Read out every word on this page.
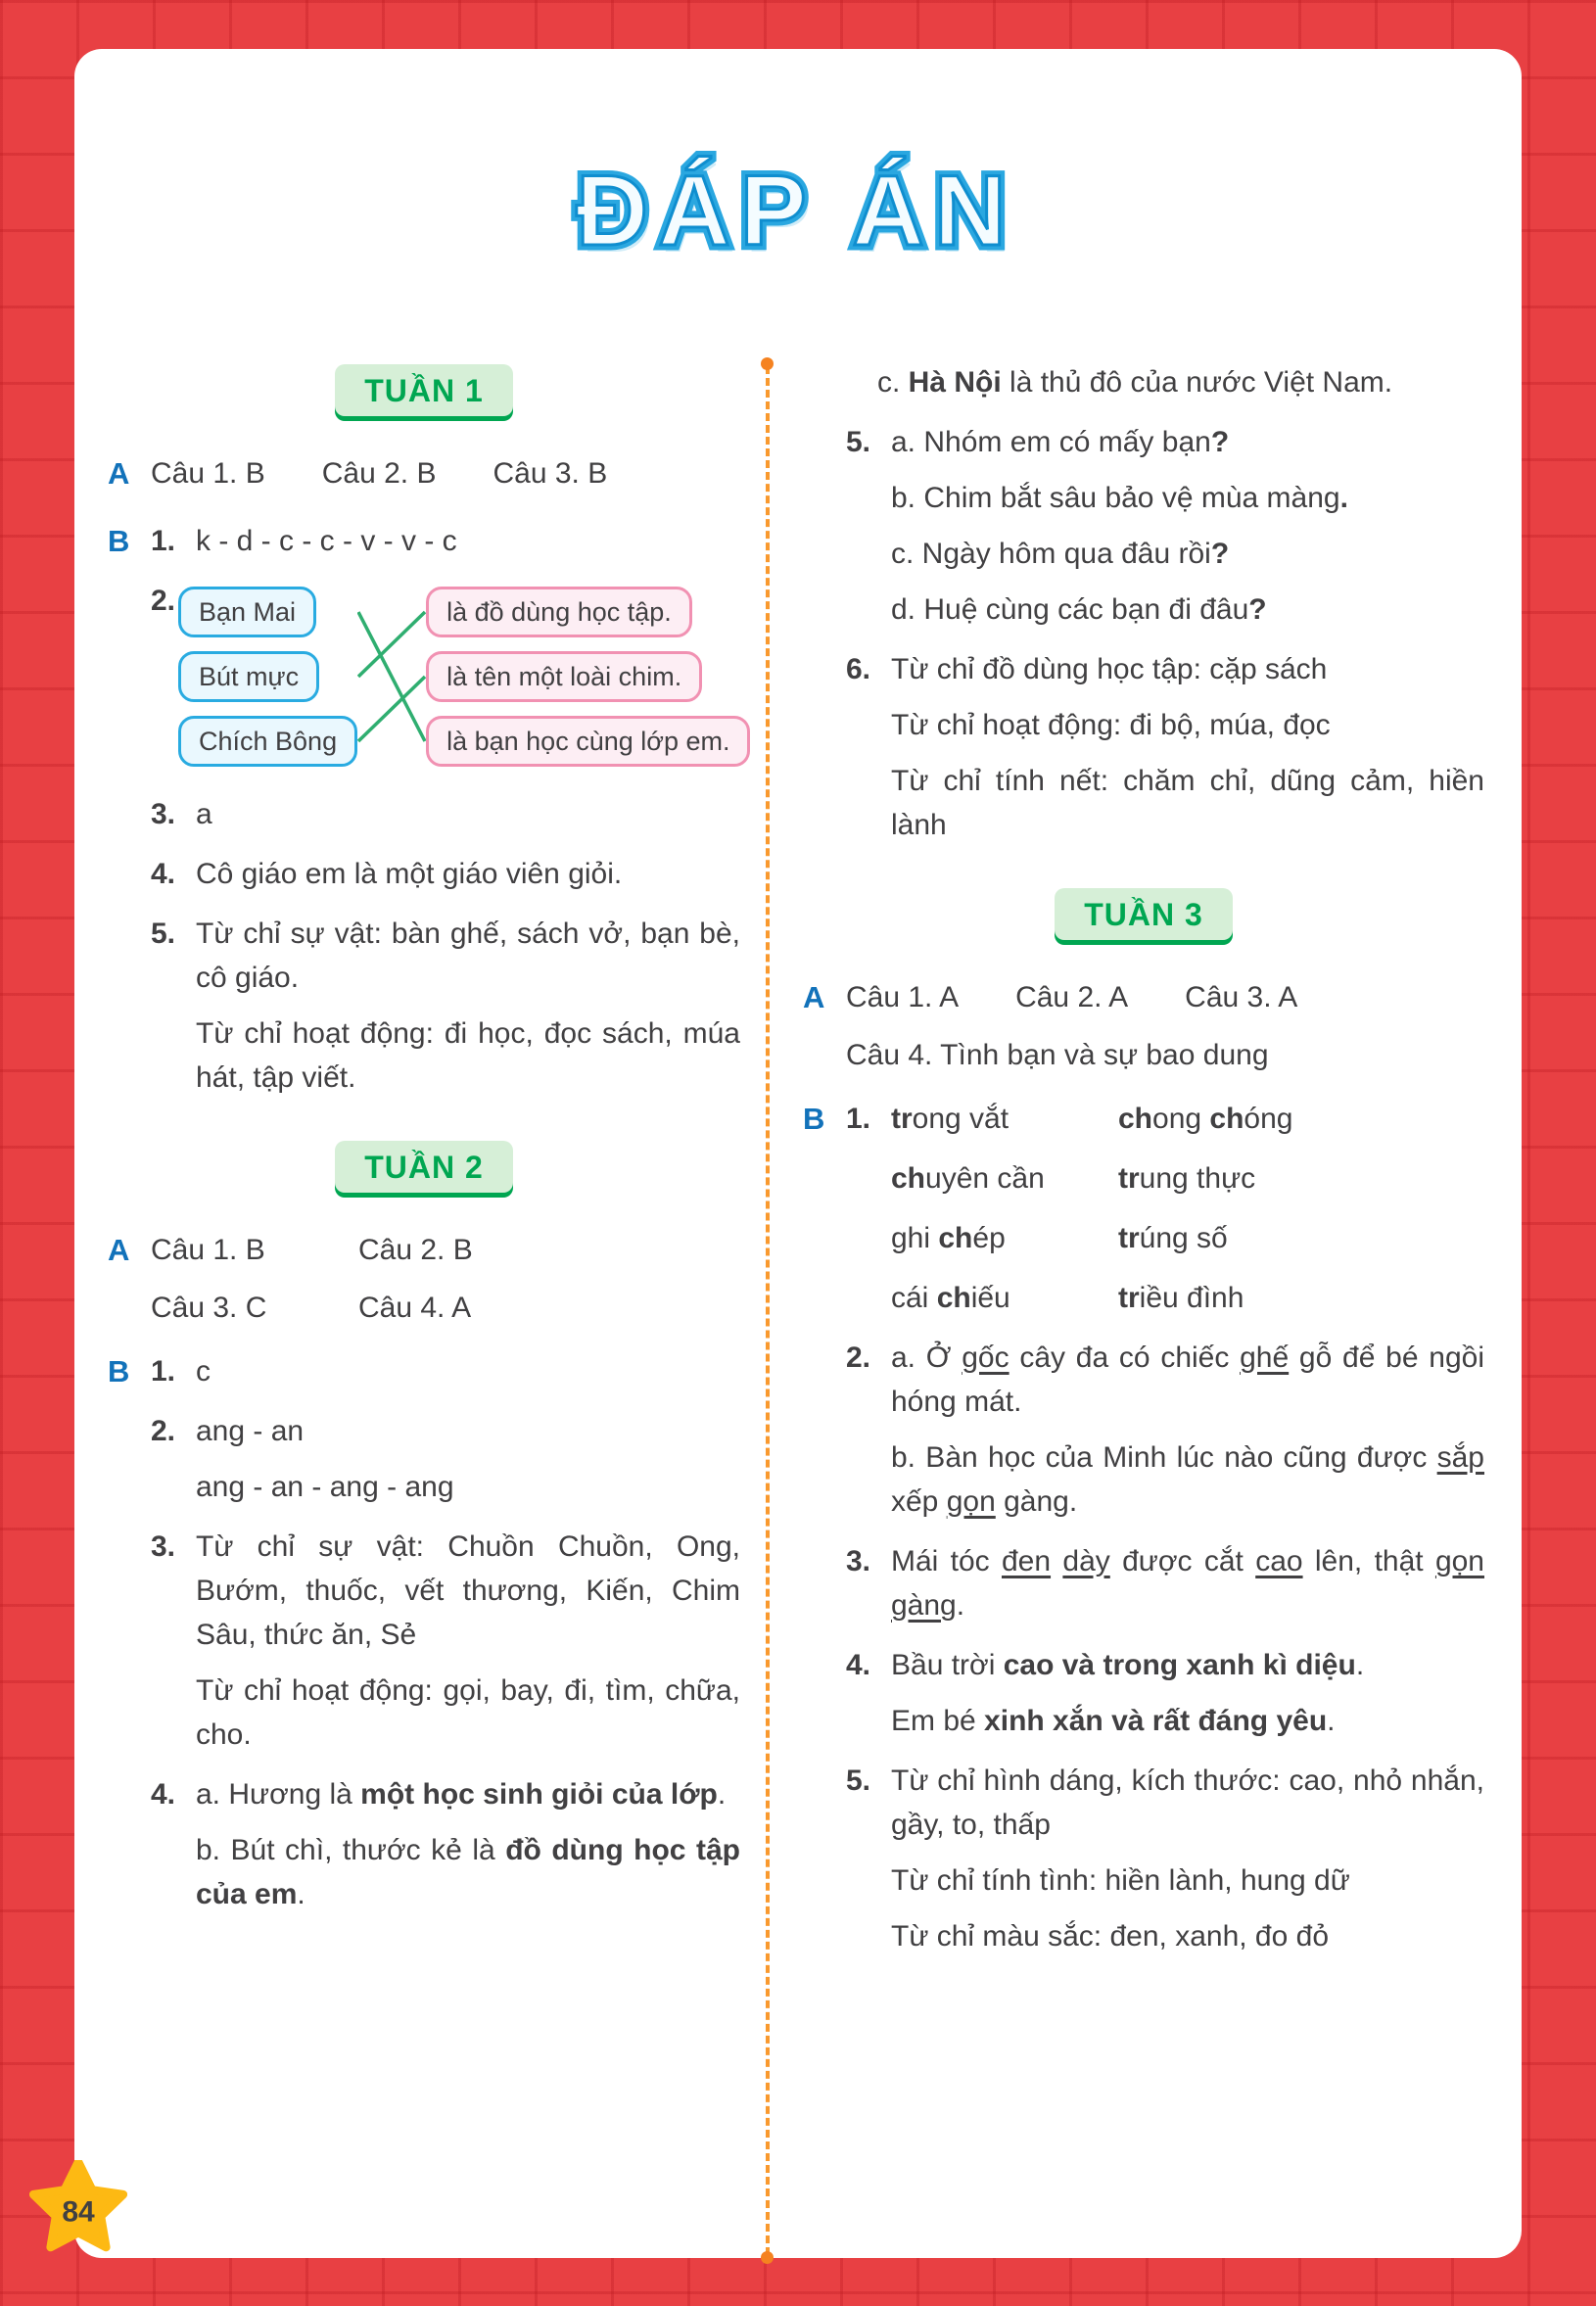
ĐÁP ÁN ĐÁP ÁN
TUẦN 1
A Câu 1. B Câu 2. B Câu 3. B
B 1. k - d - c - c - v - v - c

2. Bạn Mai
Bút mực
Chích Bông
là đồ dùng học tập.
là tên một loài chim.
là bạn học cùng lớp em.
3. a

4. Cô giáo em là một giáo viên giỏi.

5. Từ chỉ sự vật: bàn ghế, sách vở, bạn bè, cô giáo.

Từ chỉ hoạt động: đi học, đọc sách, múa hát, tập viết.

TUẦN 2
A Câu 1. B	Câu 2. B
Câu 3. C	Câu 4. A
B 1. c

2. ang - an

ang - an - ang - ang

3. Từ chỉ sự vật: Chuồn Chuồn, Ong, Bướm, thuốc, vết thương, Kiến, Chim Sâu, thức ăn, Sẻ

Từ chỉ hoạt động: gọi, bay, đi, tìm, chữa, cho.

4. a. Hương là một học sinh giỏi của lớp.

b. Bút chì, thước kẻ là đồ dùng học tập của em.

c. Hà Nội là thủ đô của nước Việt Nam.

5. a. Nhóm em có mấy bạn?

b. Chim bắt sâu bảo vệ mùa màng.

c. Ngày hôm qua đâu rồi?

d. Huệ cùng các bạn đi đâu?

6. Từ chỉ đồ dùng học tập: cặp sách

Từ chỉ hoạt động: đi bộ, múa, đọc

Từ chỉ tính nết: chăm chỉ, dũng cảm, hiền lành

TUẦN 3
A Câu 1. A Câu 2. A Câu 3. A

Câu 4. Tình bạn và sự bao dung

B 1. trong vắt	chong chóng
chuyên cần	trung thực
ghi chép	trúng số
cái chiếu	triều đình
2. a. Ở gốc cây đa có chiếc ghế gỗ để bé ngồi hóng mát.

b. Bàn học của Minh lúc nào cũng được sắp xếp gọn gàng.

3. Mái tóc đen dày được cắt cao lên, thật gọn gàng.

4. Bầu trời cao và trong xanh kì diệu.

Em bé xinh xắn và rất đáng yêu.

5. Từ chỉ hình dáng, kích thước: cao, nhỏ nhắn, gầy, to, thấp

Từ chỉ tính tình: hiền lành, hung dữ

Từ chỉ màu sắc: đen, xanh, đo đỏ

84
